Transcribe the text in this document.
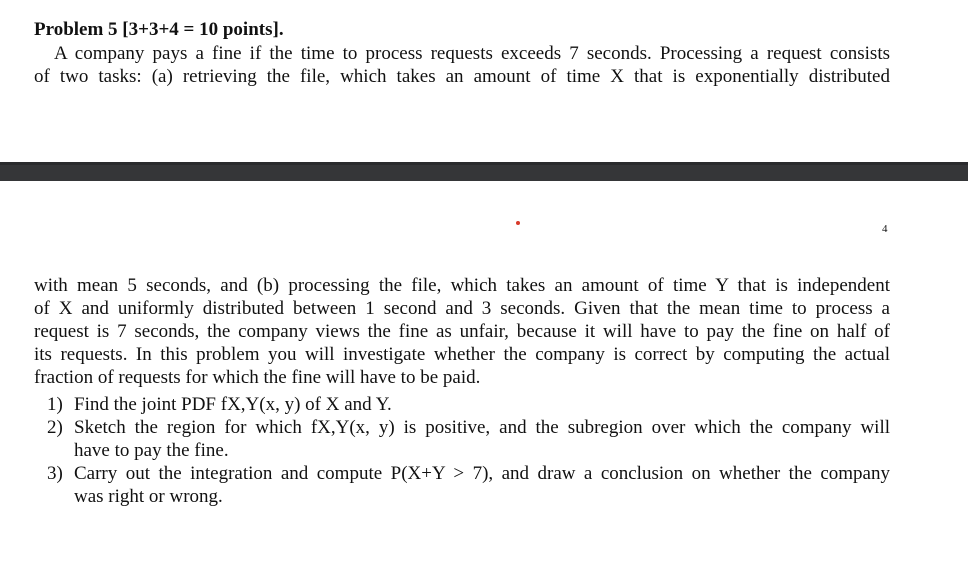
Problem 5 [3+3+4 = 10 points].
A company pays a fine if the time to process requests exceeds 7 seconds. Processing a request consists
of two tasks: (a) retrieving the file, which takes an amount of time X that is exponentially distributed
4
with mean 5 seconds, and (b) processing the file, which takes an amount of time Y that is independent
of X and uniformly distributed between 1 second and 3 seconds. Given that the mean time to process a
request is 7 seconds, the company views the fine as unfair, because it will have to pay the fine on half of
its requests. In this problem you will investigate whether the company is correct by computing the actual
fraction of requests for which the fine will have to be paid.
1) Find the joint PDF fX,Y(x, y) of X and Y.
2) Sketch the region for which fX,Y(x, y) is positive, and the subregion over which the company will
have to pay the fine.
3) Carry out the integration and compute P(X+Y > 7), and draw a conclusion on whether the company
was right or wrong.
